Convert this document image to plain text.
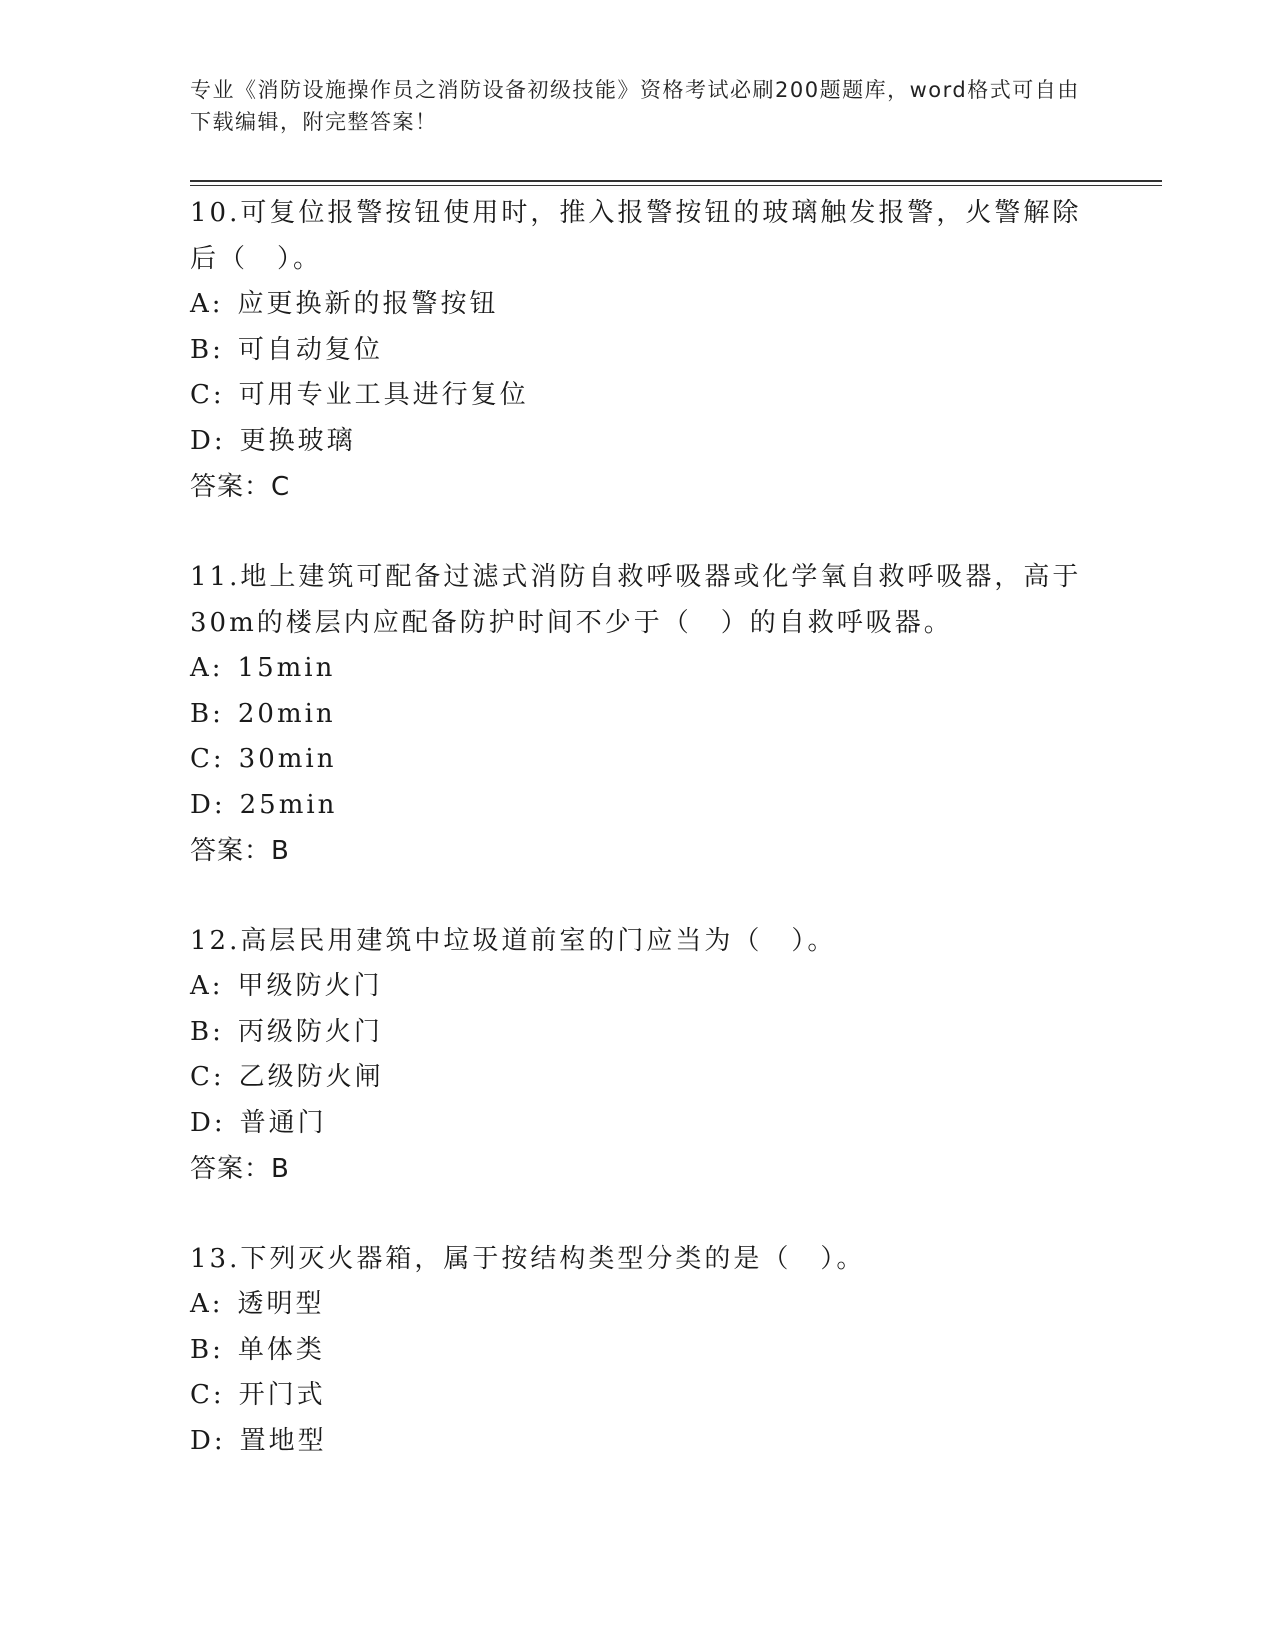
专业《消防设施操作员之消防设备初级技能》资格考试必刷200题题库，word格式可自由下载编辑，附完整答案！

10.可复位报警按钮使用时，推入报警按钮的玻璃触发报警，火警解除后（　）。

A: 应更换新的报警按钮

B: 可自动复位

C: 可用专业工具进行复位

D: 更换玻璃

答案：C

11.地上建筑可配备过滤式消防自救呼吸器或化学氧自救呼吸器，高于30m的楼层内应配备防护时间不少于（　）的自救呼吸器。

A: 15min

B: 20min

C: 30min

D: 25min

答案：B

12.高层民用建筑中垃圾道前室的门应当为（　）。

A: 甲级防火门

B: 丙级防火门

C: 乙级防火闸

D: 普通门

答案：B

13.下列灭火器箱，属于按结构类型分类的是（　）。

A: 透明型

B: 单体类

C: 开门式

D: 置地型
